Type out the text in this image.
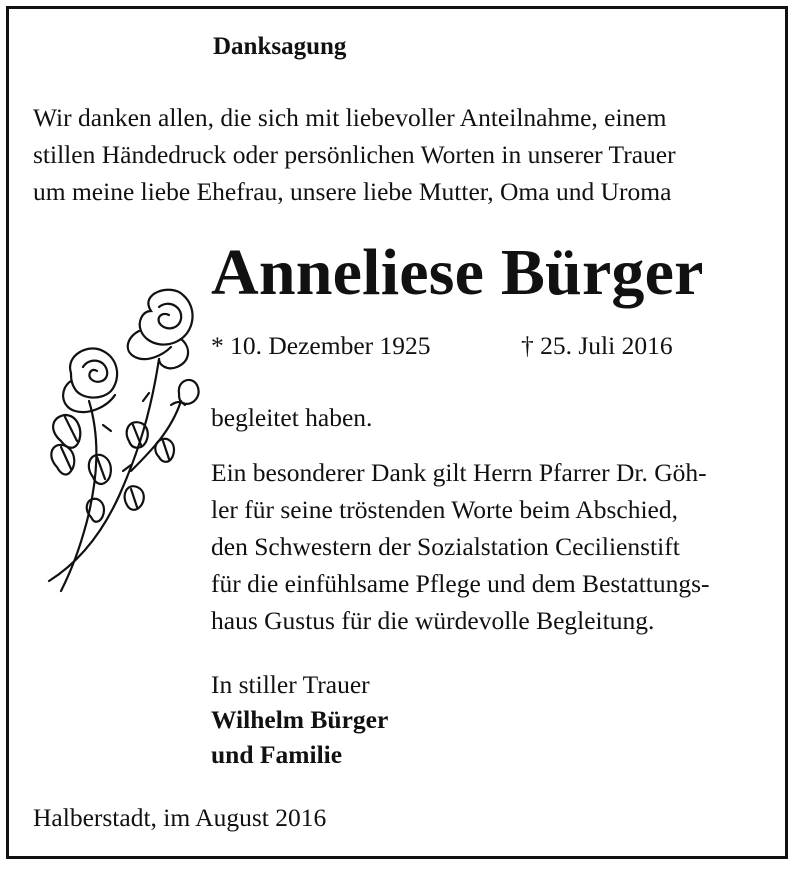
Danksagung
Wir danken allen, die sich mit liebevoller Anteilnahme, einem
stillen Händedruck oder persönlichen Worten in unserer Trauer
um meine liebe Ehefrau, unsere liebe Mutter, Oma und Uroma
Anneliese Bürger
* 10. Dezember 1925	† 25. Juli 2016

begleitet haben.

Ein besonderer Dank gilt Herrn Pfarrer Dr. Göh-
ler für seine tröstenden Worte beim Abschied,
den Schwestern der Sozialstation Cecilienstift
für die einfühlsame Pflege und dem Bestattungs-
haus Gustus für die würdevolle Begleitung.
In stiller Trauer
Wilhelm Bürger
und Familie
Halberstadt, im August 2016
